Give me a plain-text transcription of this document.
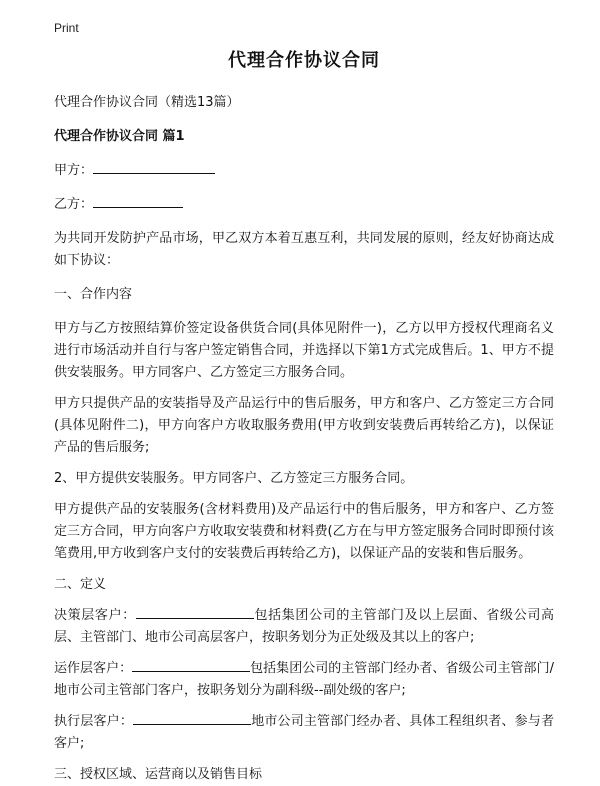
Print
代理合作协议合同

代理合作协议合同（精选13篇）

代理合作协议合同 篇1

甲方：

乙方：

为共同开发防护产品市场，甲乙双方本着互惠互利，共同发展的原则，经友好协商达成如下协议：

一、合作内容

甲方与乙方按照结算价签定设备供货合同(具体见附件一)，乙方以甲方授权代理商名义进行市场活动并自行与客户签定销售合同，并选择以下第1方式完成售后。1、甲方不提供安装服务。甲方同客户、乙方签定三方服务合同。

甲方只提供产品的安装指导及产品运行中的售后服务，甲方和客户、乙方签定三方合同(具体见附件二)，甲方向客户方收取服务费用(甲方收到安装费后再转给乙方)，以保证产品的售后服务;

2、甲方提供安装服务。甲方同客户、乙方签定三方服务合同。

甲方提供产品的安装服务(含材料费用)及产品运行中的售后服务，甲方和客户、乙方签定三方合同，甲方向客户方收取安装费和材料费(乙方在与甲方签定服务合同时即预付该笔费用,甲方收到客户支付的安装费后再转给乙方)，以保证产品的安装和售后服务。

二、定义

决策层客户：	包括集团公司的主管部门及以上层面、省级公司高层、主管部门、地市公司高层客户，按职务划分为正处级及其以上的客户;

运作层客户：	包括集团公司的主管部门经办者、省级公司主管部门/地市公司主管部门客户，按职务划分为副科级--副处级的客户;

执行层客户：	地市公司主管部门经办者、具体工程组织者、参与者客户;

三、授权区域、运营商以及销售目标
